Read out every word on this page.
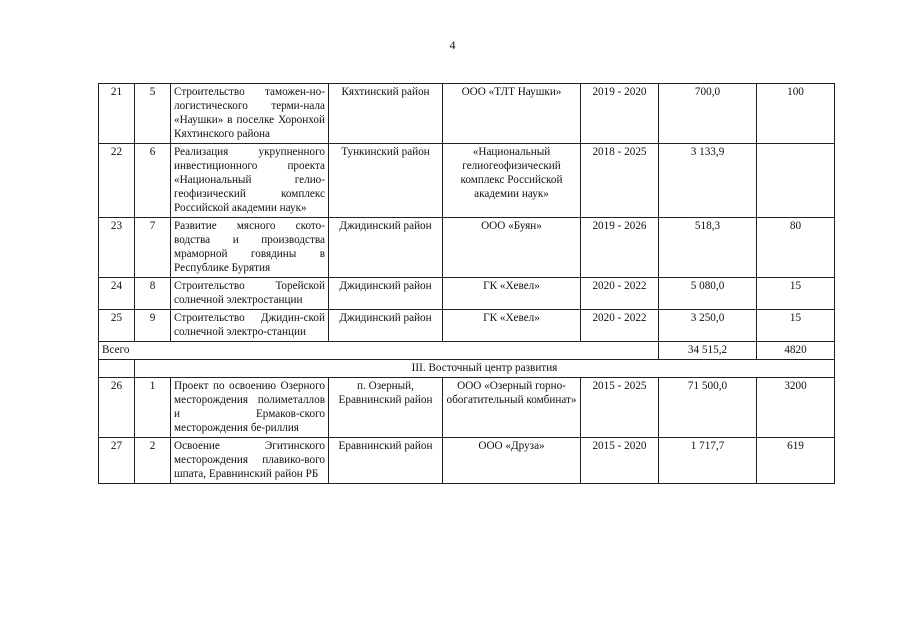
4
21	5	Строительство таможен-но-логистического терми-нала «Наушки» в поселке Хоронхой Кяхтинского района	Кяхтинский район	ООО «ТЛТ Наушки»	2019 - 2020	700,0	100
22	6	Реализация укрупненного инвестиционного проекта «Национальный гелио-геофизический комплекс Российской академии наук»	Тункинский район	«Национальный гелиогеофизический комплекс Российской академии наук»	2018 - 2025	3 133,9	
23	7	Развитие мясного ското-водства и производства мраморной говядины в Республике Бурятия	Джидинский район	ООО «Буян»	2019 - 2026	518,3	80
24	8	Строительство Торейской солнечной электростанции	Джидинский район	ГК «Хевел»	2020 - 2022	5 080,0	15
25	9	Строительство Джидин-ской солнечной электро-станции	Джидинский район	ГК «Хевел»	2020 - 2022	3 250,0	15
Всего						34 515,2	4820
	III. Восточный центр развития						
26	1	Проект по освоению Озерного месторождения полиметаллов и Ермаков-ского месторождения бе-риллия	п. Озерный, Еравнинский район	ООО «Озерный горно-обогатительный комбинат»	2015 - 2025	71 500,0	3200
27	2	Освоение Эгитинского месторождения плавико-вого шпата, Еравнинский район РБ	Еравнинский район	ООО «Друза»	2015 - 2020	1 717,7	619
